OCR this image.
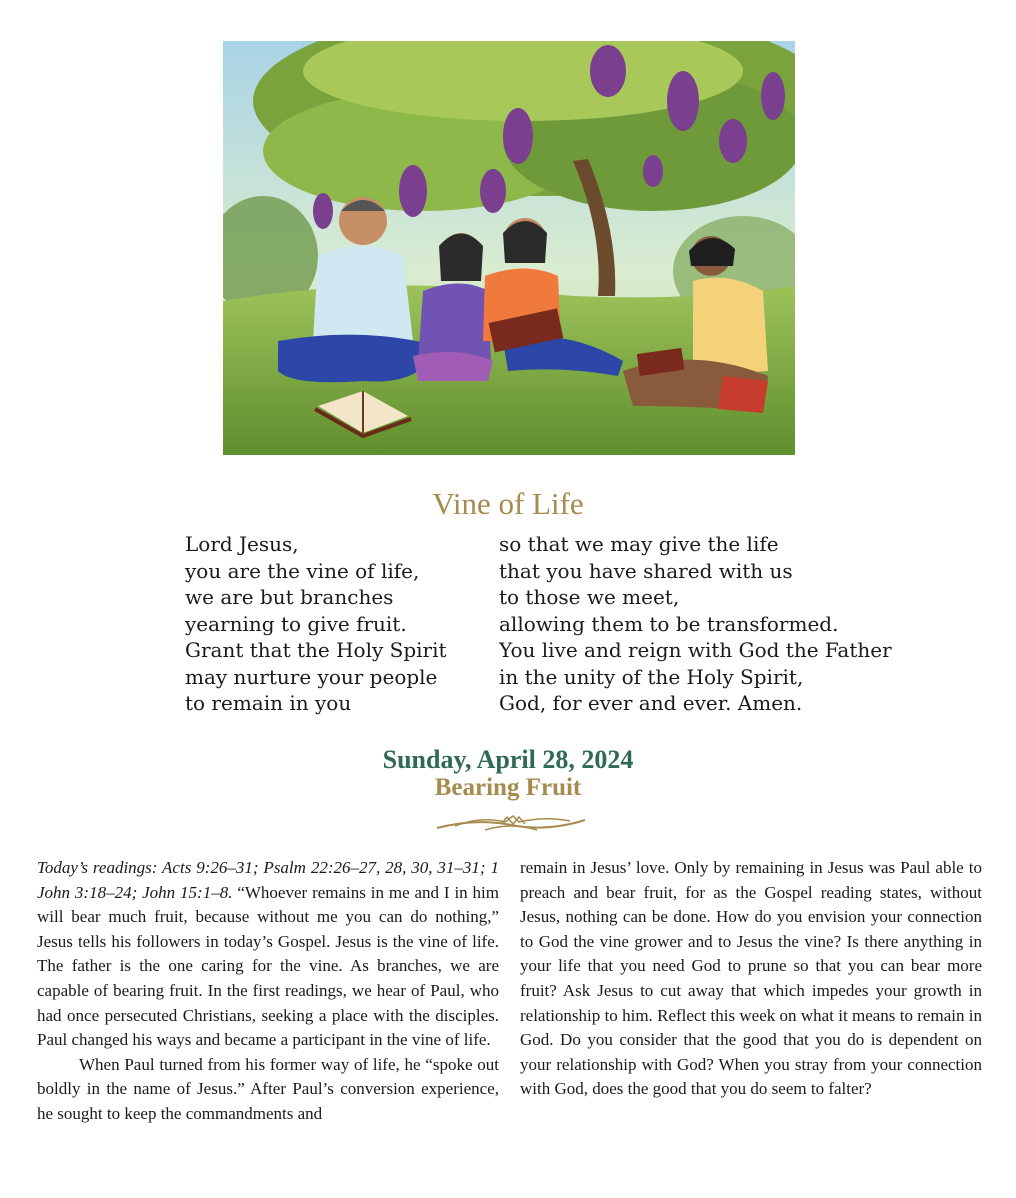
Vine of Life
Lord Jesus,
you are the vine of life,
we are but branches
yearning to give fruit.
Grant that the Holy Spirit
may nurture your people
to remain in you
so that we may give the life
that you have shared with us
to those we meet,
allowing them to be transformed.
You live and reign with God the Father
in the unity of the Holy Spirit,
God, for ever and ever. Amen.
Sunday, April 28, 2024
Bearing Fruit

Today’s readings: Acts 9:26–31; Psalm 22:26–27, 28, 30, 31–31; 1 John 3:18–24; John 15:1–8. “Whoever remains in me and I in him will bear much fruit, because without me you can do nothing,” Jesus tells his followers in today’s Gospel. Jesus is the vine of life. The father is the one caring for the vine. As branches, we are capable of bearing fruit. In the first readings, we hear of Paul, who had once persecuted Christians, seeking a place with the disciples. Paul changed his ways and became a participant in the vine of life.

When Paul turned from his former way of life, he “spoke out boldly in the name of Jesus.” After Paul’s conversion experience, he sought to keep the commandments and

remain in Jesus’ love. Only by remaining in Jesus was Paul able to preach and bear fruit, for as the Gospel reading states, without Jesus, nothing can be done. How do you envision your connection to God the vine grower and to Jesus the vine? Is there anything in your life that you need God to prune so that you can bear more fruit? Ask Jesus to cut away that which impedes your growth in relationship to him. Reflect this week on what it means to remain in God. Do you consider that the good that you do is dependent on your relationship with God? When you stray from your connection with God, does the good that you do seem to falter?
